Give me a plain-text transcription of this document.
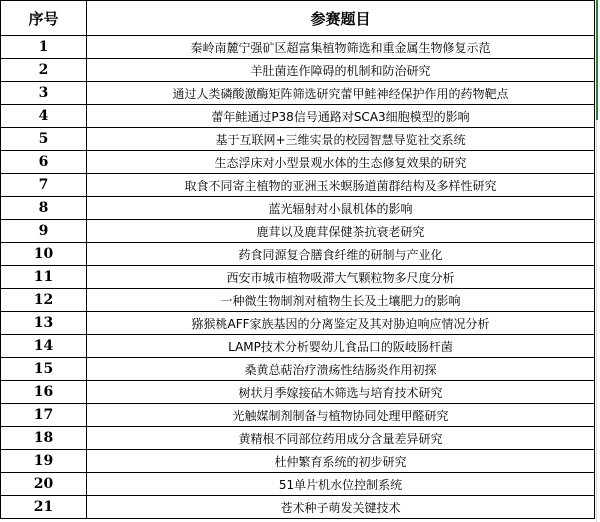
序号	参赛题目
1	秦岭南麓宁强矿区超富集植物筛选和重金属生物修复示范
2	羊肚菌连作障碍的机制和防治研究
3	通过人类磷酸激酶矩阵筛选研究蕾甲鲑神经保护作用的药物靶点
4	蕾年鲑通过P38信号通路对SCA3细胞模型的影响
5	基于互联网+三维实景的校园智慧导览社交系统
6	生态浮床对小型景观水体的生态修复效果的研究
7	取食不同寄主植物的亚洲玉米螟肠道菌群结构及多样性研究
8	蓝光辐射对小鼠机体的影响
9	鹿茸以及鹿茸保健茶抗衰老研究
10	药食同源复合膳食纤维的研制与产业化
11	西安市城市植物吸滞大气颗粒物多尺度分析
12	一种微生物制剂对植物生长及土壤肥力的影响
13	猕猴桃AFF家族基因的分离鉴定及其对胁迫响应情况分析
14	LAMP技术分析婴幼儿食品口的阪岐肠杆菌
15	桑黄总萜治疗溃疡性结肠炎作用初探
16	树状月季嫁接砧木筛选与培育技术研究
17	光触媒制剂制备与植物协同处理甲醛研究
18	黄精根不同部位药用成分含量差异研究
19	杜仲繁育系统的初步研究
20	51单片机水位控制系统
21	苍术种子萌发关键技术
